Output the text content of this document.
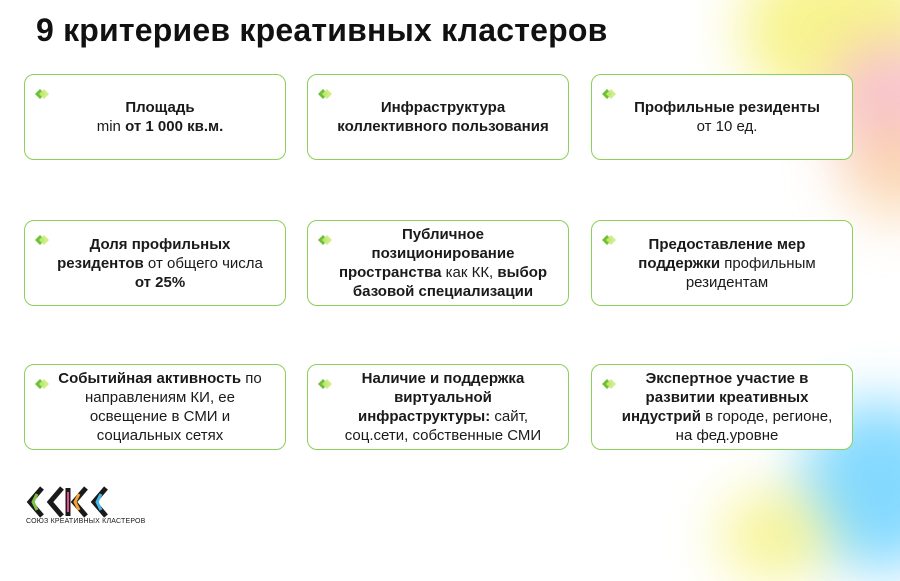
9 критериев креативных кластеров
Площадь
min от 1 000 кв.м.
Инфраструктура
коллективного пользования
Профильные резиденты
от 10 ед.
Доля профильных
резидентов от общего числа
от 25%
Публичное
позиционирование
пространства как КК, выбор
базовой специализации
Предоставление мер
поддержки профильным
резидентам
Событийная активность по
направлениям КИ, ее
освещение в СМИ и
социальных сетях
Наличие и поддержка
виртуальной
инфраструктуры: сайт,
соц.сети, собственные СМИ
Экспертное участие в
развитии креативных
индустрий в городе, регионе,
на фед.уровне
СОЮЗ КРЕАТИВНЫХ КЛАСТЕРОВ
